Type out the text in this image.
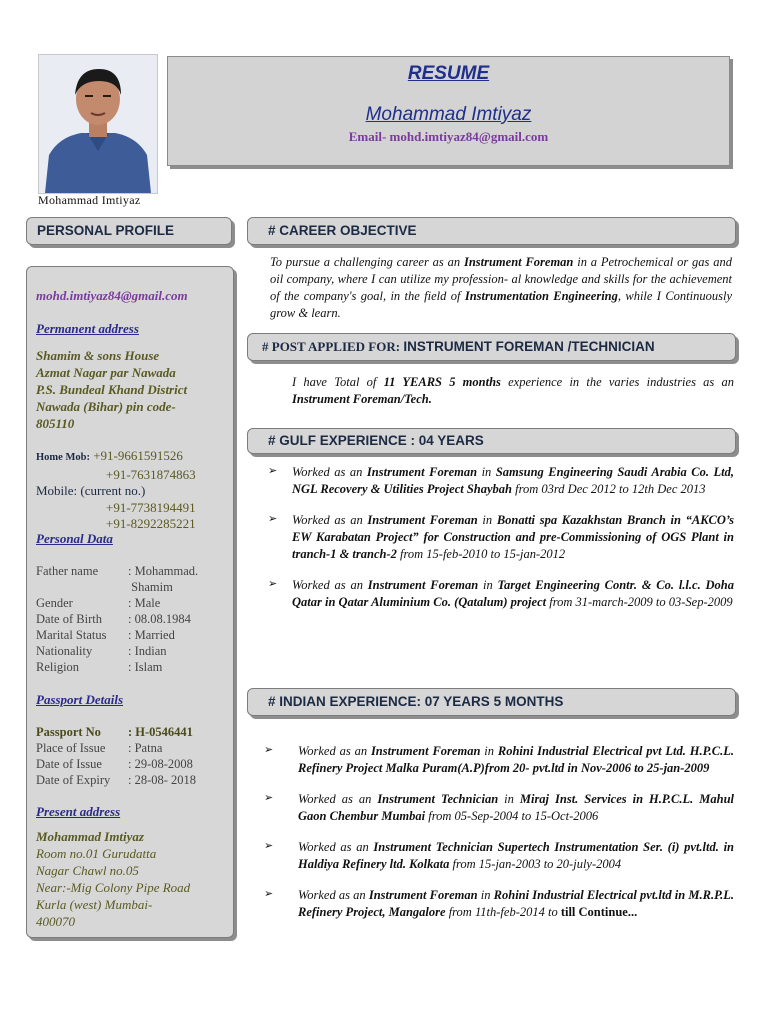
Mohammad Imtiyaz
RESUME
Mohammad Imtiyaz
Email- mohd.imtiyaz84@gmail.com
PERSONAL PROFILE
mohd.imtiyaz84@gmail.com
Permanent address
Shamim & sons House
Azmat Nagar par Nawada
P.S. Bundeal Khand District
Nawada (Bihar) pin code-
805110
Home Mob: +91-9661591526
+91-7631874863
Mobile: (current no.)
+91-7738194491
+91-8292285221
Personal Data
Father name : Mohammad.
Shamim
Gender	: Male
Date of Birth : 08.08.1984
Marital Status : Married
Nationality	: Indian
Religion	: Islam
Passport Details
Passport No : H-0546441
Place of Issue : Patna
Date of Issue : 29-08-2008
Date of Expiry : 28-08- 2018
Present address
Mohammad Imtiyaz
Room no.01 Gurudatta
Nagar Chawl no.05
Near:-Mig Colony Pipe Road
Kurla (west) Mumbai-
400070
# CAREER OBJECTIVE
To pursue a challenging career as an Instrument Foreman in a Petrochemical or gas and oil company, where I can utilize my profession- al knowledge and skills for the achievement of the company's goal, in the field of Instrumentation Engineering, while I Continuously grow & learn.
# POST APPLIED FOR: INSTRUMENT FOREMAN /TECHNICIAN
I have Total of 11 YEARS 5 months experience in the varies industries as an Instrument Foreman/Tech.
# GULF EXPERIENCE : 04 YEARS
➢	Worked as an Instrument Foreman in Samsung Engineering Saudi Arabia Co. Ltd, NGL Recovery & Utilities Project Shaybah from 03rd Dec 2012 to 12th Dec 2013
➢	Worked as an Instrument Foreman in Bonatti spa Kazakhstan Branch in “AKCO’s EW Karabatan Project” for Construction and pre-Commissioning of OGS Plant in tranch-1 & tranch-2 from 15-feb-2010 to 15-jan-2012
➢	Worked as an Instrument Foreman in Target Engineering Contr. & Co. l.l.c. Doha Qatar in Qatar Aluminium Co. (Qatalum) project from 31-march-2009 to 03-Sep-2009
# INDIAN EXPERIENCE: 07 YEARS 5 MONTHS
➢	Worked as an Instrument Foreman in Rohini Industrial Electrical pvt Ltd. H.P.C.L. Refinery Project Malka Puram(A.P)from 20- pvt.ltd in Nov-2006 to 25-jan-2009
➢	Worked as an Instrument Technician in Miraj Inst. Services in H.P.C.L. Mahul Gaon Chembur Mumbai from 05-Sep-2004 to 15-Oct-2006
➢	Worked as an Instrument Technician Supertech Instrumentation Ser. (i) pvt.ltd. in Haldiya Refinery ltd. Kolkata from 15-jan-2003 to 20-july-2004
➢	Worked as an Instrument Foreman in Rohini Industrial Electrical pvt.ltd in M.R.P.L. Refinery Project, Mangalore from 11th-feb-2014 to till Continue...
